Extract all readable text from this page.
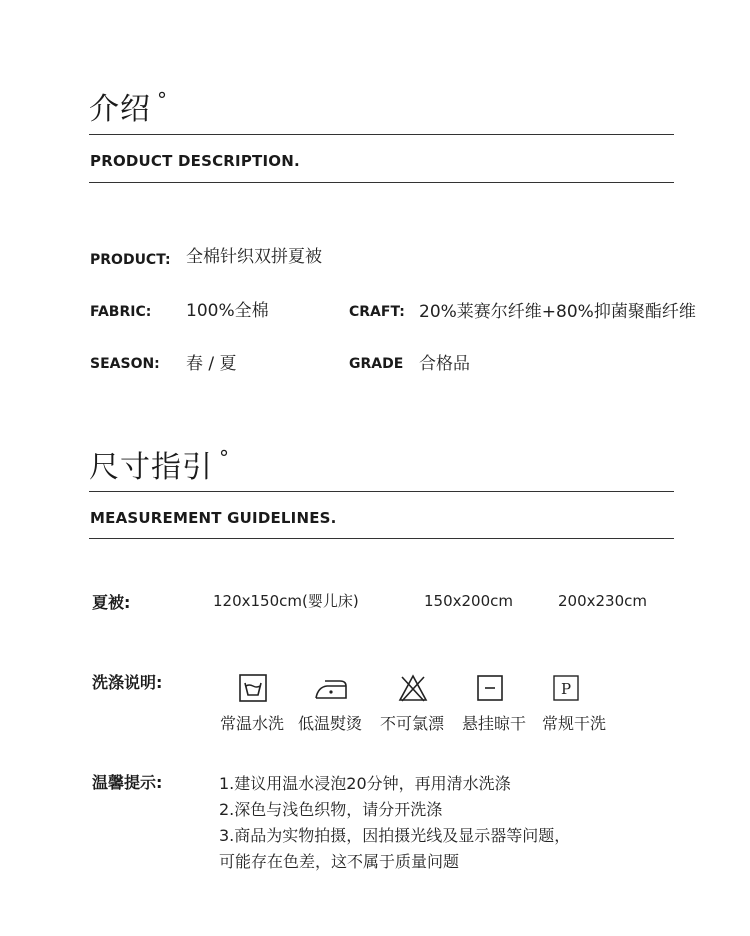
介绍 °
PRODUCT DESCRIPTION.
PRODUCT: 全棉针织双拼夏被
FABRIC: 100%全棉	CRAFT: 20%莱赛尔纤维+80%抑菌聚酯纤维
SEASON: 春 / 夏	GRADE 合格品
尺寸指引 °
MEASUREMENT GUIDELINES.
夏被:	120x150cm(婴儿床)	150x200cm	200x230cm
洗涤说明:	P
常温水洗 低温熨烫 不可氯漂 悬挂晾干 常规干洗
温馨提示:	1.建议用温水浸泡20分钟，再用清水洗涤
2.深色与浅色织物，请分开洗涤
3.商品为实物拍摄，因拍摄光线及显示器等问题，
可能存在色差，这不属于质量问题
